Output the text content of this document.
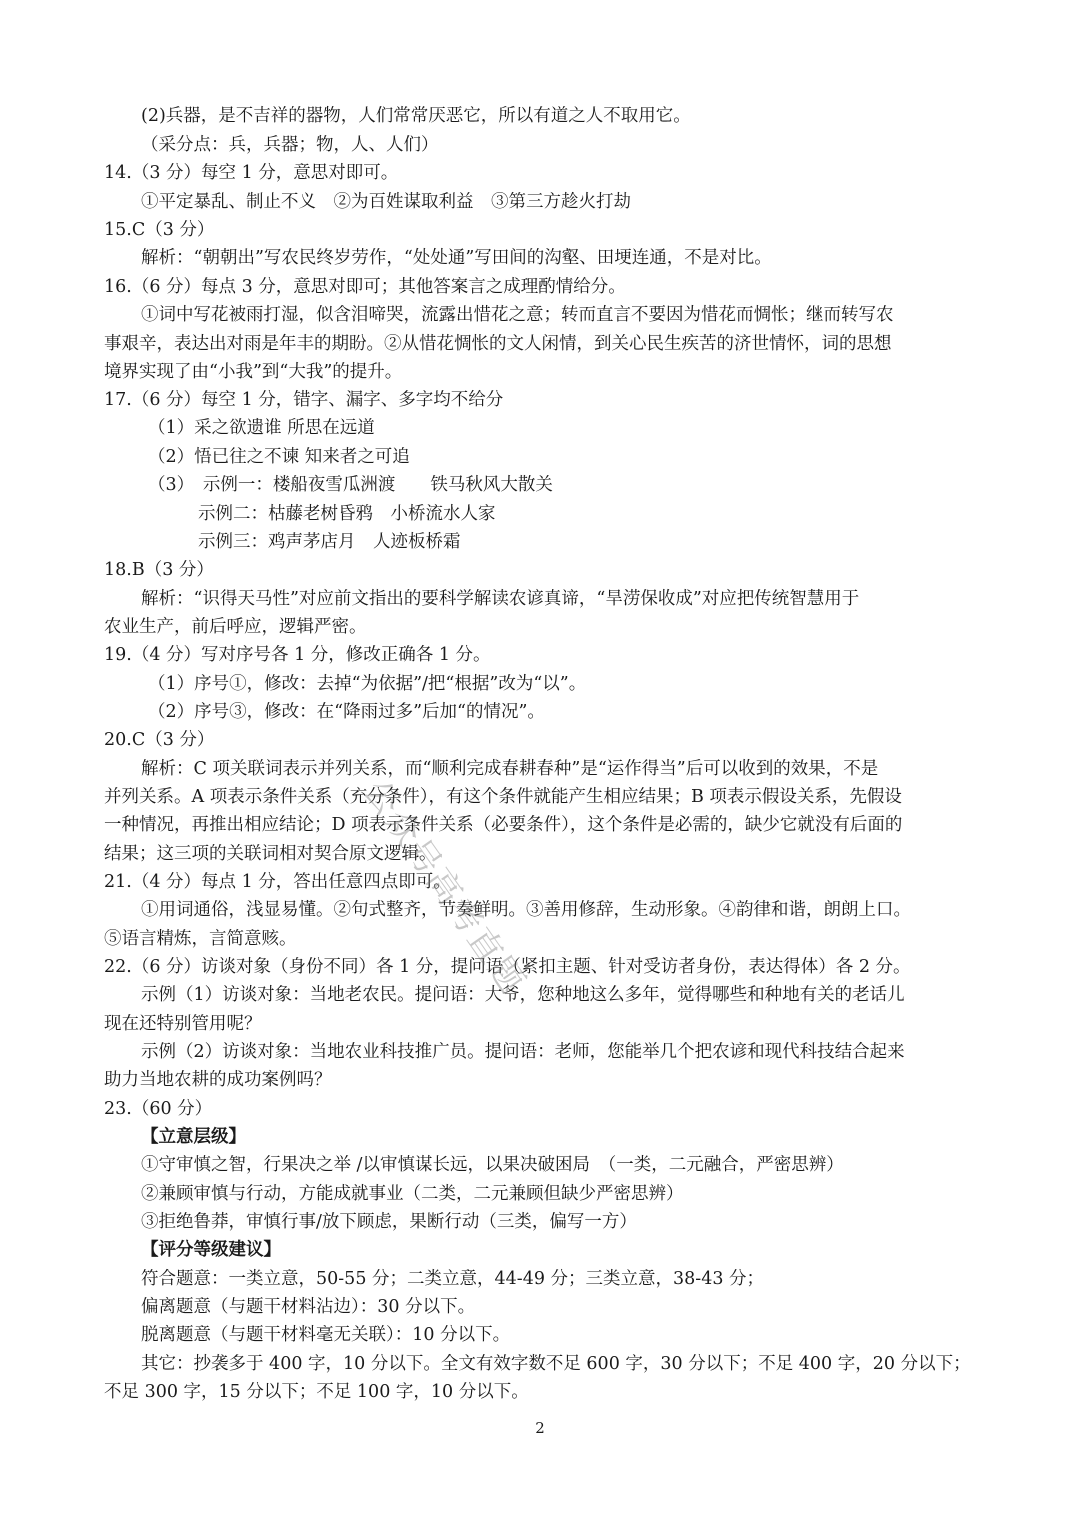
(2)兵器，是不吉祥的器物，人们常常厌恶它，所以有道之人不取用它。
（采分点：兵，兵器；物，人、人们）
14.（3 分）每空 1 分，意思对即可。
①平定暴乱、制止不义　②为百姓谋取利益　③第三方趁火打劫
15.C（3 分）
解析：“朝朝出”写农民终岁劳作，“处处通”写田间的沟壑、田埂连通，不是对比。
16.（6 分）每点 3 分，意思对即可；其他答案言之成理酌情给分。
①词中写花被雨打湿，似含泪啼哭，流露出惜花之意；转而直言不要因为惜花而惆怅；继而转写农
事艰辛，表达出对雨是年丰的期盼。②从惜花惆怅的文人闲情，到关心民生疾苦的济世情怀，词的思想
境界实现了由“小我”到“大我”的提升。
17.（6 分）每空 1 分，错字、漏字、多字均不给分
（1）采之欲遗谁 所思在远道
（2）悟已往之不谏 知来者之可追
（3）　示例一：楼船夜雪瓜洲渡　　铁马秋风大散关
示例二：枯藤老树昏鸦　小桥流水人家
示例三：鸡声茅店月　人迹板桥霜
18.B（3 分）
解析：“识得天马性”对应前文指出的要科学解读农谚真谛，“旱涝保收成”对应把传统智慧用于
农业生产，前后呼应，逻辑严密。
19.（4 分）写对序号各 1 分，修改正确各 1 分。
（1）序号①，修改：去掉“为依据”/把“根据”改为“以”。
（2）序号③，修改：在“降雨过多”后加“的情况”。
20.C（3 分）
解析：C 项关联词表示并列关系，而“顺利完成春耕春种”是“运作得当”后可以收到的效果，不是
并列关系。A 项表示条件关系（充分条件），有这个条件就能产生相应结果；B 项表示假设关系，先假设
一种情况，再推出相应结论；D 项表示条件关系（必要条件），这个条件是必需的，缺少它就没有后面的
结果；这三项的关联词相对契合原文逻辑。
21.（4 分）每点 1 分，答出任意四点即可。
①用词通俗，浅显易懂。②句式整齐，节奏鲜明。③善用修辞，生动形象。④韵律和谐，朗朗上口。
⑤语言精炼，言简意赅。
22.（6 分）访谈对象（身份不同）各 1 分，提问语（紧扣主题、针对受访者身份，表达得体）各 2 分。
示例（1）访谈对象：当地老农民。提问语：大爷，您种地这么多年，觉得哪些和种地有关的老话儿
现在还特别管用呢？
示例（2）访谈对象：当地农业科技推广员。提问语：老师，您能举几个把农谚和现代科技结合起来
助力当地农耕的成功案例吗？
23.（60 分）
【立意层级】
①守审慎之智，行果决之举 /以审慎谋长远，以果决破困局　（一类，二元融合，严密思辨）
②兼顾审慎与行动，方能成就事业（二类，二元兼顾但缺少严密思辨）
③拒绝鲁莽，审慎行事/放下顾虑，果断行动（三类，偏写一方）
【评分等级建议】
符合题意：一类立意，50-55 分；二类立意，44-49 分；三类立意，38-43 分；
偏离题意（与题干材料沾边）：30 分以下。
脱离题意（与题干材料毫无关联）：10 分以下。
其它：抄袭多于 400 字，10 分以下。全文有效字数不足 600 字，30 分以下；不足 400 字，20 分以下；
不足 300 字，15 分以下；不足 100 字，10 分以下。
2
公众号高考直题
